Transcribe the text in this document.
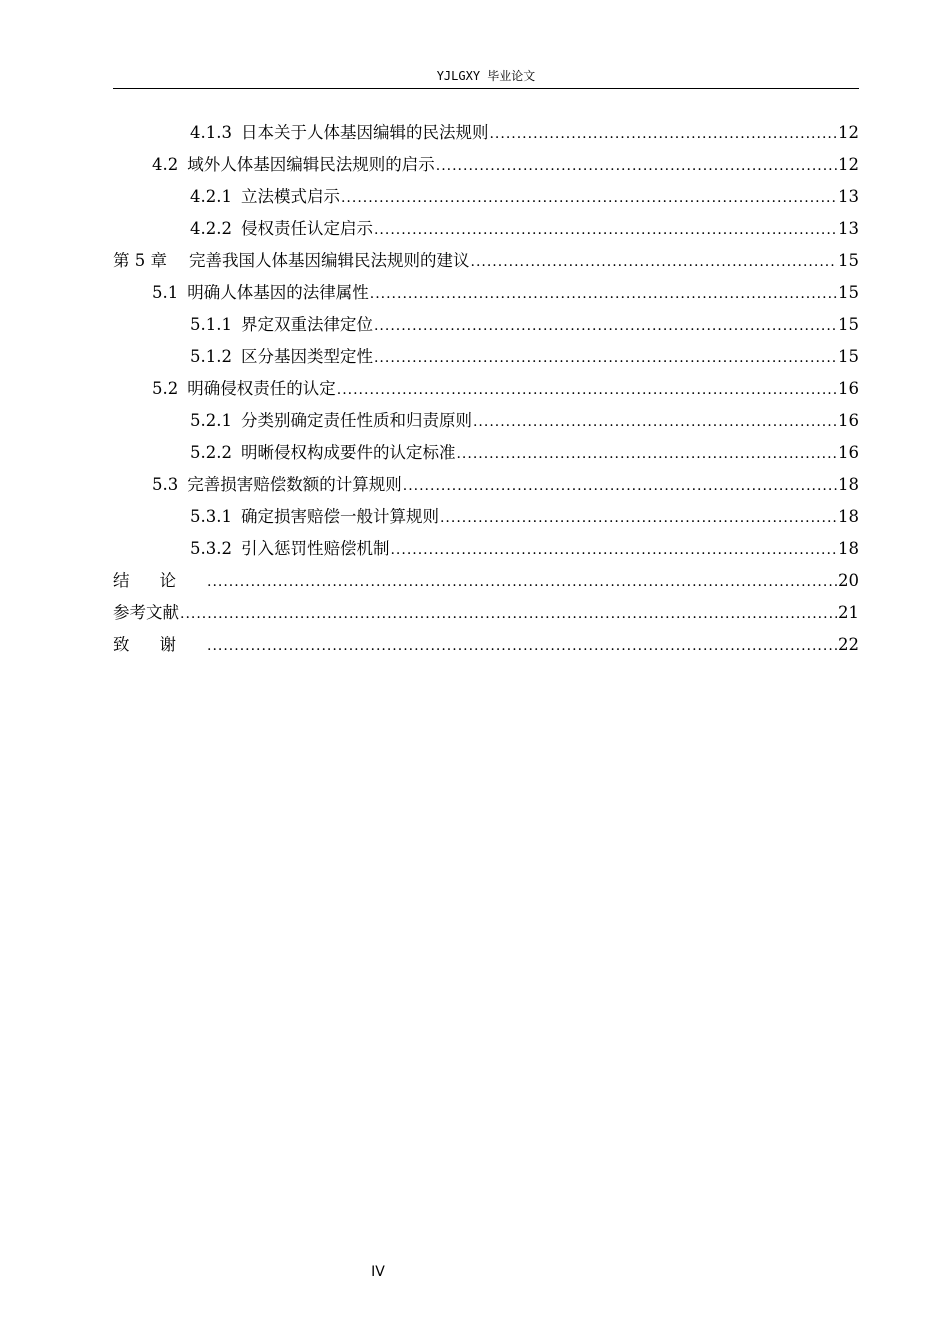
YJLGXY 毕业论文
4.1.3 日本关于人体基因编辑的民法规则 .....	12
4.2 域外人体基因编辑民法规则的启示 .....	12
4.2.1 立法模式启示 .....	13
4.2.2 侵权责任认定启示 .....	13
第 5 章 完善我国人体基因编辑民法规则的建议 .....	15
5.1 明确人体基因的法律属性 .....	15
5.1.1 界定双重法律定位 .....	15
5.1.2 区分基因类型定性 .....	15
5.2 明确侵权责任的认定 .....	16
5.2.1 分类别确定责任性质和归责原则 .....	16
5.2.2 明晰侵权构成要件的认定标准 .....	16
5.3 完善损害赔偿数额的计算规则 .....	18
5.3.1 确定损害赔偿一般计算规则 .....	18
5.3.2 引入惩罚性赔偿机制 .....	18
结论 .....	20
参考文献 .....	21
致谢 .....	22
IV
